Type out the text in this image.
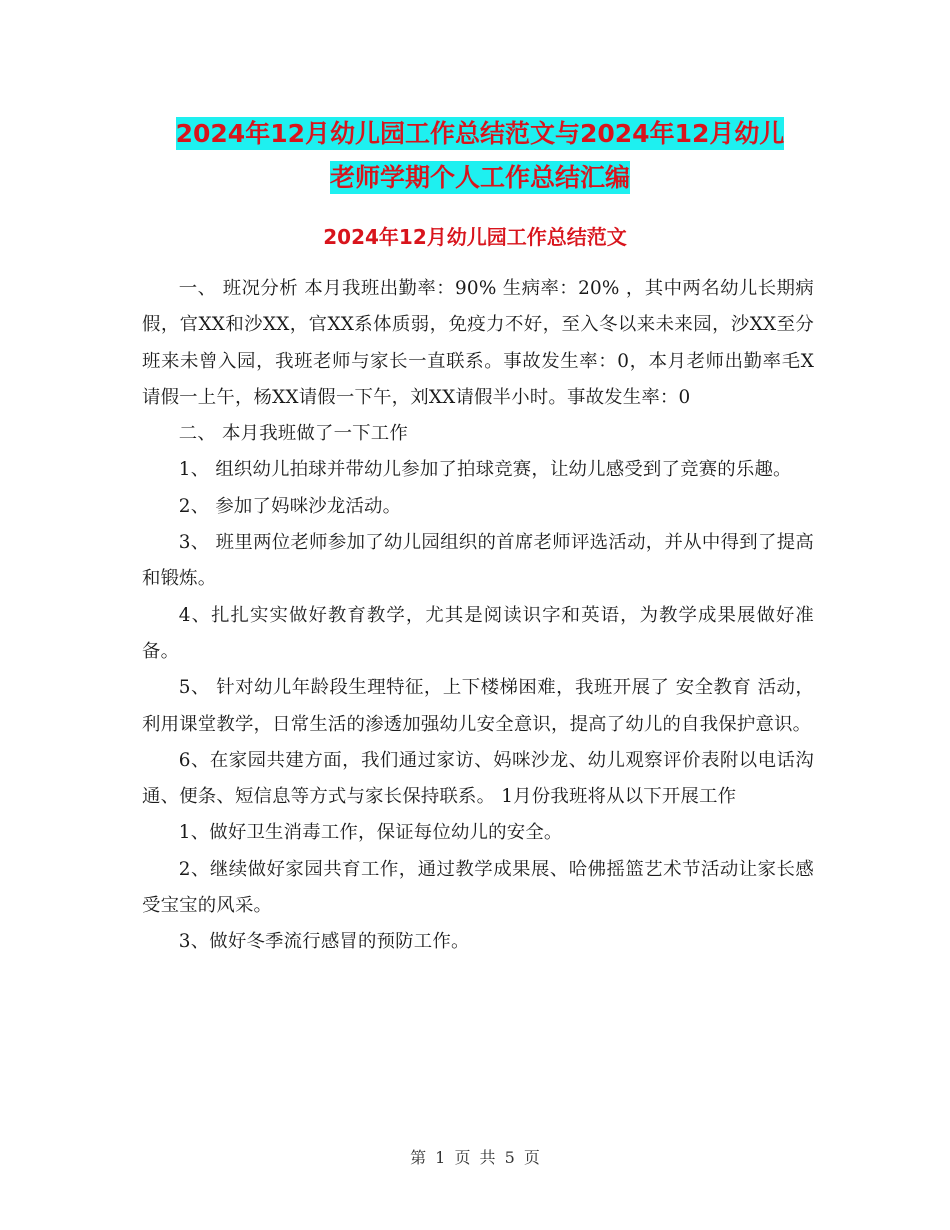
2024年12月幼儿园工作总结范文与2024年12月幼儿
老师学期个人工作总结汇编
2024年12月幼儿园工作总结范文

一、 班况分析 本月我班出勤率：90% 生病率：20% ，其中两名幼儿长期病假，官XX和沙XX，官XX系体质弱，免疫力不好，至入冬以来未来园，沙XX至分班来未曾入园，我班老师与家长一直联系。事故发生率：0，本月老师出勤率毛X请假一上午，杨XX请假一下午，刘XX请假半小时。事故发生率：0

二、 本月我班做了一下工作

1、 组织幼儿拍球并带幼儿参加了拍球竞赛，让幼儿感受到了竞赛的乐趣。

2、 参加了妈咪沙龙活动。

3、 班里两位老师参加了幼儿园组织的首席老师评选活动，并从中得到了提高和锻炼。

4、扎扎实实做好教育教学，尤其是阅读识字和英语，为教学成果展做好准备。

5、 针对幼儿年龄段生理特征，上下楼梯困难，我班开展了 安全教育 活动，利用课堂教学，日常生活的渗透加强幼儿安全意识，提高了幼儿的自我保护意识。

6、在家园共建方面，我们通过家访、妈咪沙龙、幼儿观察评价表附以电话沟通、便条、短信息等方式与家长保持联系。 1月份我班将从以下开展工作

1、做好卫生消毒工作，保证每位幼儿的安全。

2、继续做好家园共育工作，通过教学成果展、哈佛摇篮艺术节活动让家长感受宝宝的风采。

3、做好冬季流行感冒的预防工作。

第 1 页 共 5 页
